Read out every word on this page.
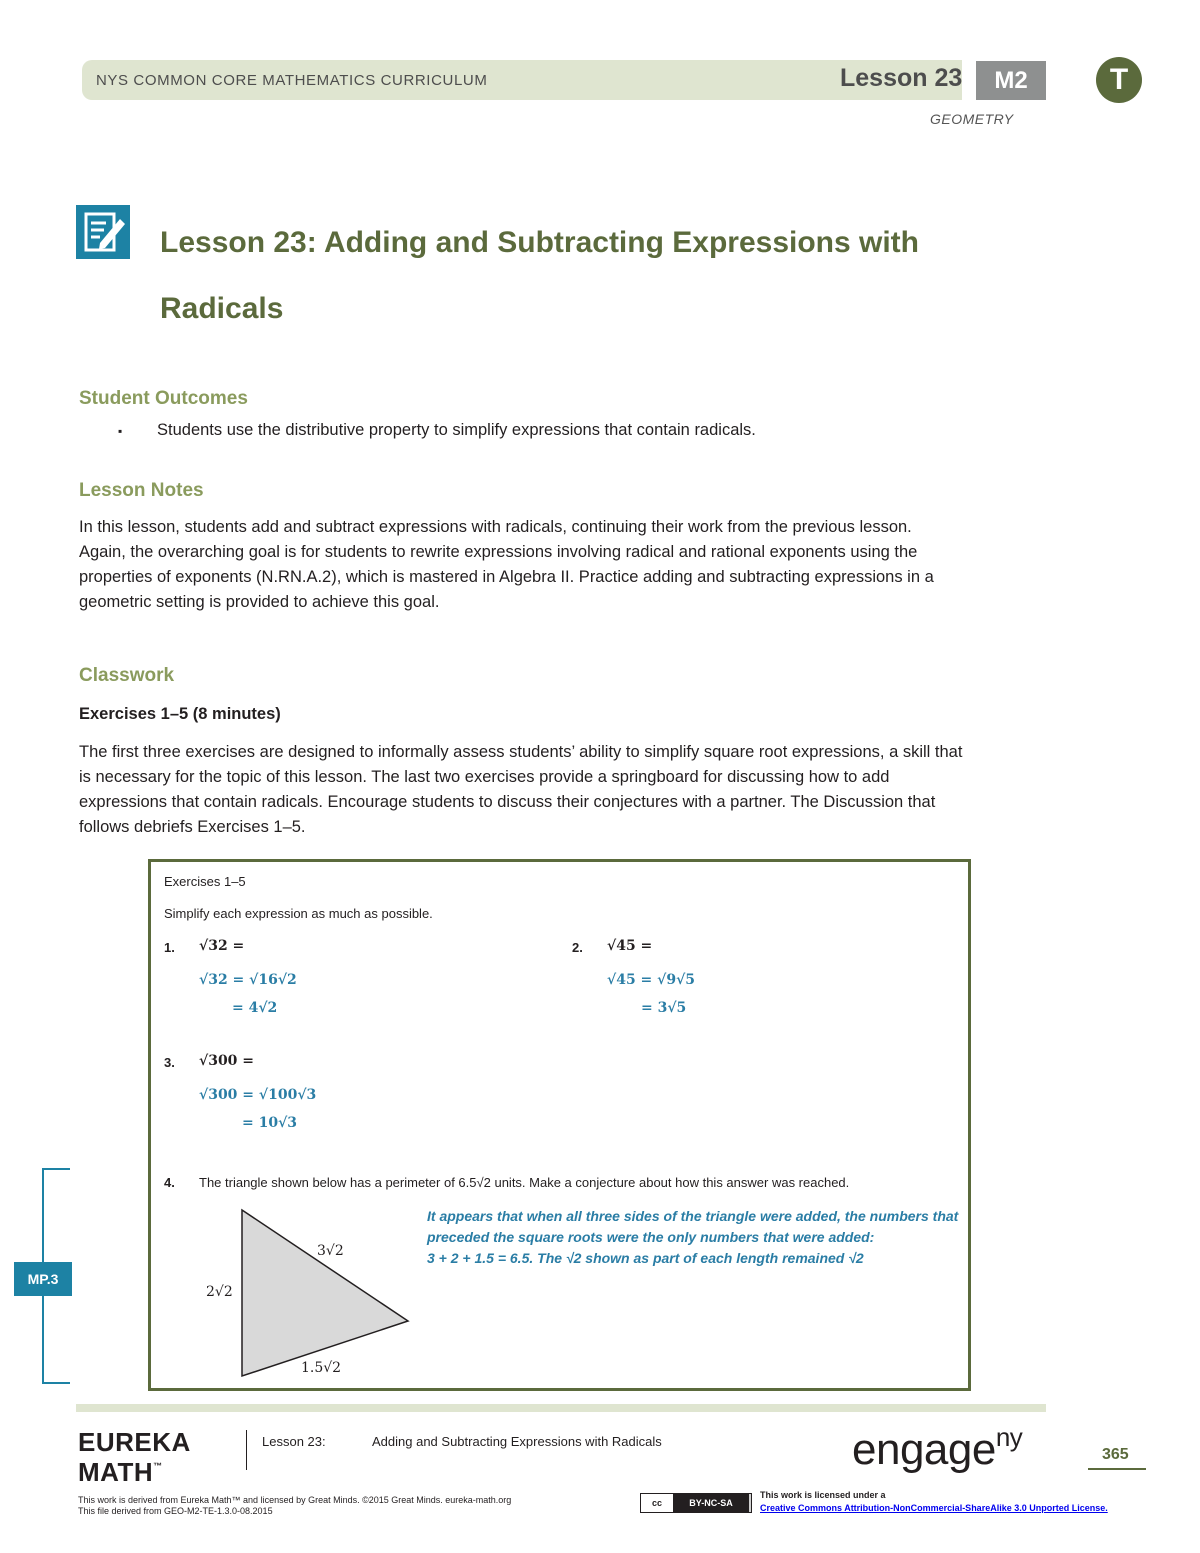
NYS COMMON CORE MATHEMATICS CURRICULUM	Lesson 23	M2	T
GEOMETRY
Lesson 23: Adding and Subtracting Expressions with
Radicals
Student Outcomes
▪ Students use the distributive property to simplify expressions that contain radicals.
Lesson Notes
In this lesson, students add and subtract expressions with radicals, continuing their work from the previous lesson.
Again, the overarching goal is for students to rewrite expressions involving radical and rational exponents using the
properties of exponents (N.RN.A.2), which is mastered in Algebra II. Practice adding and subtracting expressions in a
geometric setting is provided to achieve this goal.
Classwork
Exercises 1–5 (8 minutes)
The first three exercises are designed to informally assess students’ ability to simplify square root expressions, a skill that
is necessary for the topic of this lesson. The last two exercises provide a springboard for discussing how to add
expressions that contain radicals. Encourage students to discuss their conjectures with a partner. The Discussion that
follows debriefs Exercises 1–5.
MP.3
Exercises 1–5
Simplify each expression as much as possible.
1. √32 =
√32 = √16√2
= 4√2
2. √45 =
√45 = √9√5
= 3√5
3. √300 =
√300 = √100√3
= 10√3
4. The triangle shown below has a perimeter of 6.5√2 units. Make a conjecture about how this answer was reached.
2√2
3√2
1.5√2
It appears that when all three sides of the triangle were added, the numbers that
preceded the square roots were the only numbers that were added:
3 + 2 + 1.5 = 6.5. The √2 shown as part of each length remained √2
EUREKA
MATH™
Lesson 23:	Adding and Subtracting Expressions with Radicals	engage$^{ny}$
365
This work is derived from Eureka Math™ and licensed by Great Minds. ©2015 Great Minds. eureka-math.org
This file derived from GEO-M2-TE-1.3.0-08.2015
cc	BY-NC-SA
This work is licensed under a
Creative Commons Attribution-NonCommercial-ShareAlike 3.0 Unported License.
